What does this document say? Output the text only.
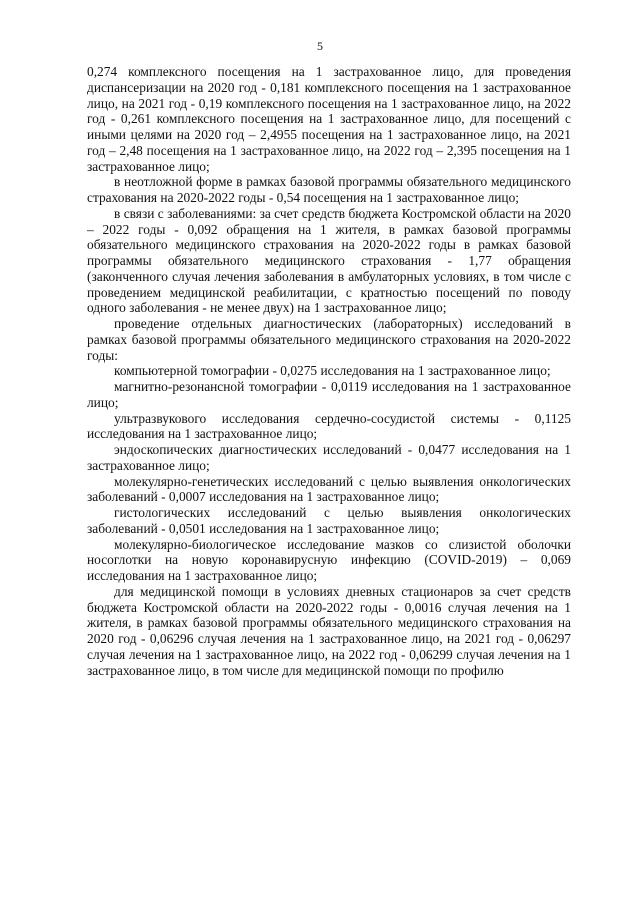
5

0,274 комплексного посещения на 1 застрахованное лицо, для проведения диспансеризации на 2020 год - 0,181 комплексного посещения на 1 застрахованное лицо, на 2021 год - 0,19 комплексного посещения на 1 застрахованное лицо, на 2022 год - 0,261 комплексного посещения на 1 застрахованное лицо, для посещений с иными целями на 2020 год – 2,4955 посещения на 1 застрахованное лицо, на 2021 год – 2,48 посещения на 1 застрахованное лицо, на 2022 год – 2,395 посещения на 1 застрахованное лицо;

в неотложной форме в рамках базовой программы обязательного медицинского страхования на 2020-2022 годы - 0,54 посещения на 1 застрахованное лицо;

в связи с заболеваниями: за счет средств бюджета Костромской области на 2020 – 2022 годы - 0,092 обращения на 1 жителя, в рамках базовой программы обязательного медицинского страхования на 2020-2022 годы в рамках базовой программы обязательного медицинского страхования - 1,77 обращения (законченного случая лечения заболевания в амбулаторных условиях, в том числе с проведением медицинской реабилитации, с кратностью посещений по поводу одного заболевания - не менее двух) на 1 застрахованное лицо;

проведение отдельных диагностических (лабораторных) исследований в рамках базовой программы обязательного медицинского страхования на 2020-2022 годы:

компьютерной томографии - 0,0275 исследования на 1 застрахованное лицо;

магнитно-резонансной томографии - 0,0119 исследования на 1 застрахованное лицо;

ультразвукового исследования сердечно-сосудистой системы - 0,1125 исследования на 1 застрахованное лицо;

эндоскопических диагностических исследований - 0,0477 исследования на 1 застрахованное лицо;

молекулярно-генетических исследований с целью выявления онкологических заболеваний - 0,0007 исследования на 1 застрахованное лицо;

гистологических исследований с целью выявления онкологических заболеваний - 0,0501 исследования на 1 застрахованное лицо;

молекулярно-биологическое исследование мазков со слизистой оболочки носоглотки на новую коронавирусную инфекцию (COVID-2019) – 0,069 исследования на 1 застрахованное лицо;

для медицинской помощи в условиях дневных стационаров за счет средств бюджета Костромской области на 2020-2022 годы - 0,0016 случая лечения на 1 жителя, в рамках базовой программы обязательного медицинского страхования на 2020 год - 0,06296 случая лечения на 1 застрахованное лицо, на 2021 год - 0,06297 случая лечения на 1 застрахованное лицо, на 2022 год - 0,06299 случая лечения на 1 застрахованное лицо, в том числе для медицинской помощи по профилю
